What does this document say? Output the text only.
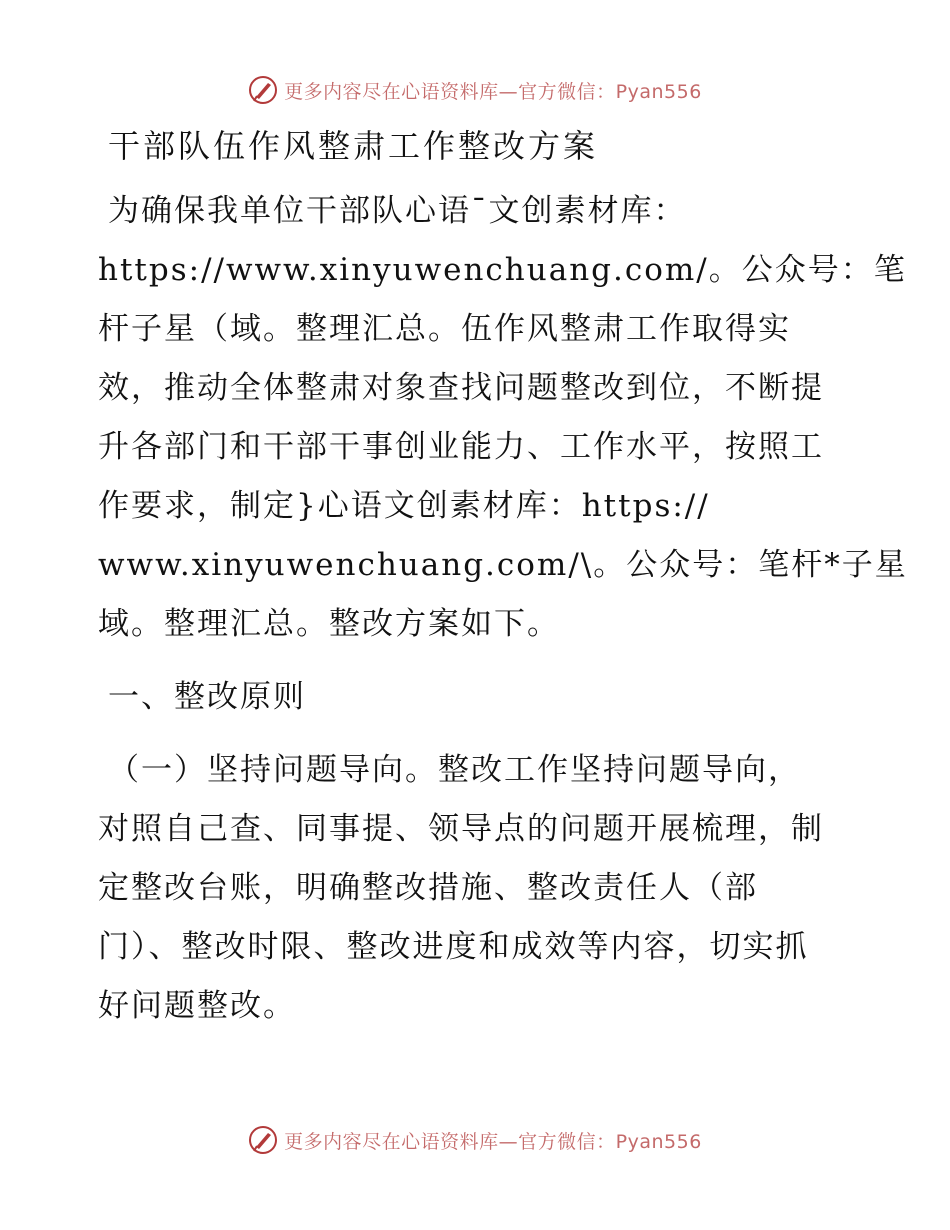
更多内容尽在心语资料库—官方微信：Pyan556
干部队伍作风整肃工作整改方案
为确保我单位干部队心语¯文创素材库：
https://www.xinyuwenchuang.com/。公众号：笔
杆子星（域。整理汇总。伍作风整肃工作取得实
效，推动全体整肃对象查找问题整改到位，不断提
升各部门和干部干事创业能力、工作水平，按照工
作要求，制定}心语文创素材库：https://
www.xinyuwenchuang.com/\。公众号：笔杆*子星
域。整理汇总。整改方案如下。
一、整改原则
（一）坚持问题导向。整改工作坚持问题导向，
对照自己查、同事提、领导点的问题开展梳理，制
定整改台账，明确整改措施、整改责任人（部
门）、整改时限、整改进度和成效等内容，切实抓
好问题整改。
更多内容尽在心语资料库—官方微信：Pyan556
